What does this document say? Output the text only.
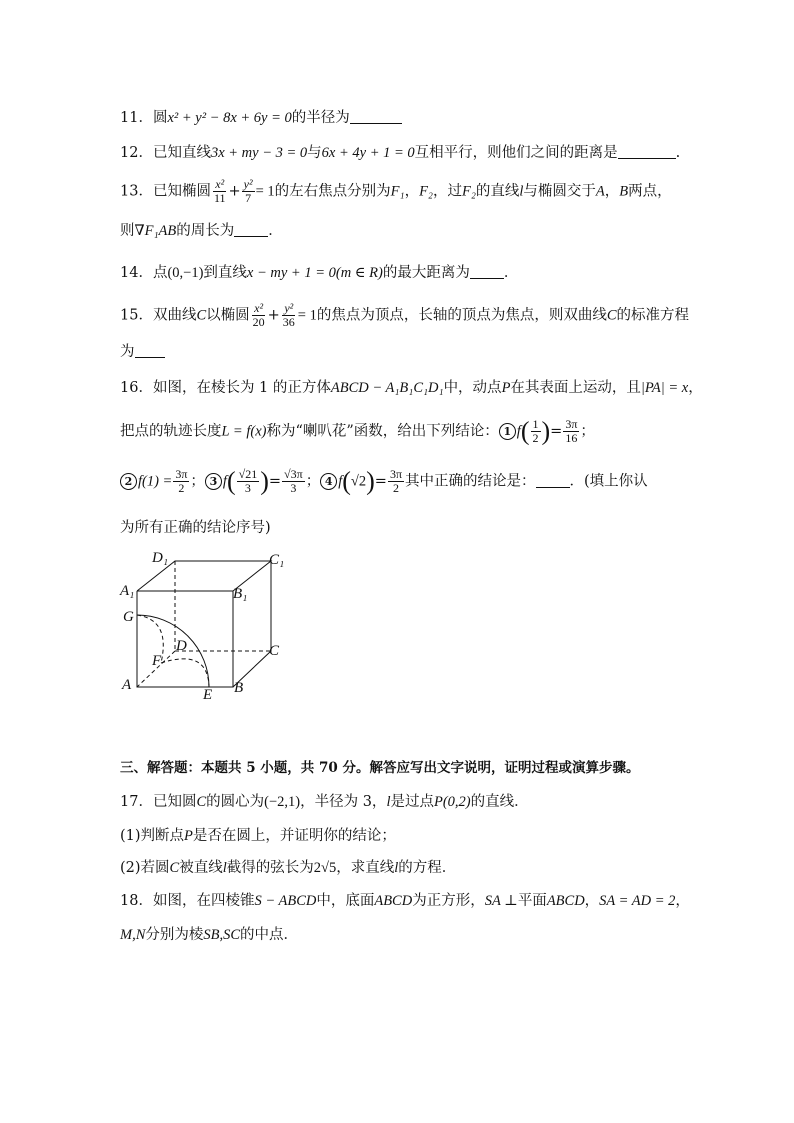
11．圆x² + y² − 8x + 6y = 0的半径为
12．已知直线3x + my − 3 = 0与6x + 4y + 1 = 0互相平行，则他们之间的距离是	.
13．已知椭圆 $\frac{\text{x²}}{11} + \frac{\text{y²}}{7} = 1$的左右焦点分别为F₁，F₂，过F₂的直线l与椭圆交于A，B两点，
则∇F₁AB的周长为 ．
14．点(0,−1)到直线x − my + 1 = 0(m ∈ R)的最大距离为 ．
15．双曲线C以椭圆 $\frac{\text{x²}}{20} + \frac{\text{y²}}{36} = 1$的焦点为顶点，长轴的顶点为焦点，则双曲线C的标准方程
为
16．如图，在棱长为 1 的正方体ABCD − A₁B₁C₁D₁中，动点P在其表面上运动，且|PA| = x，
把点的轨迹长度L = f(x)称为“喇叭花”函数，给出下列结论： 1 $f( \frac{1}{2}$ )= $\frac{3\pi}{16}$ ；
2 $f(1) = \frac{3\pi}{2}$ ； 3 $f( \frac{√21}{3}$ )= $\frac{√3\pi}{3}$ ； 4 $f(√2)= \frac{3\pi}{2}$ 其中正确的结论是： ．(填上你认
为所有正确的结论序号)
D₁	C₁
A₁	B₁
G
D	C
F
A
E B
三、解答题：本题共 5 小题，共 70 分。解答应写出文字说明，证明过程或演算步骤。
17．已知圆C的圆心为(−2,1)，半径为 3，l是过点P(0,2)的直线．
(1)判断点P是否在圆上，并证明你的结论；
(2)若圆C被直线l截得的弦长为2√5，求直线l的方程．
18．如图，在四棱锥S − ABCD中，底面ABCD为正方形，SA ⊥平面ABCD，SA = AD = 2，
M,N分别为棱SB,SC的中点．
